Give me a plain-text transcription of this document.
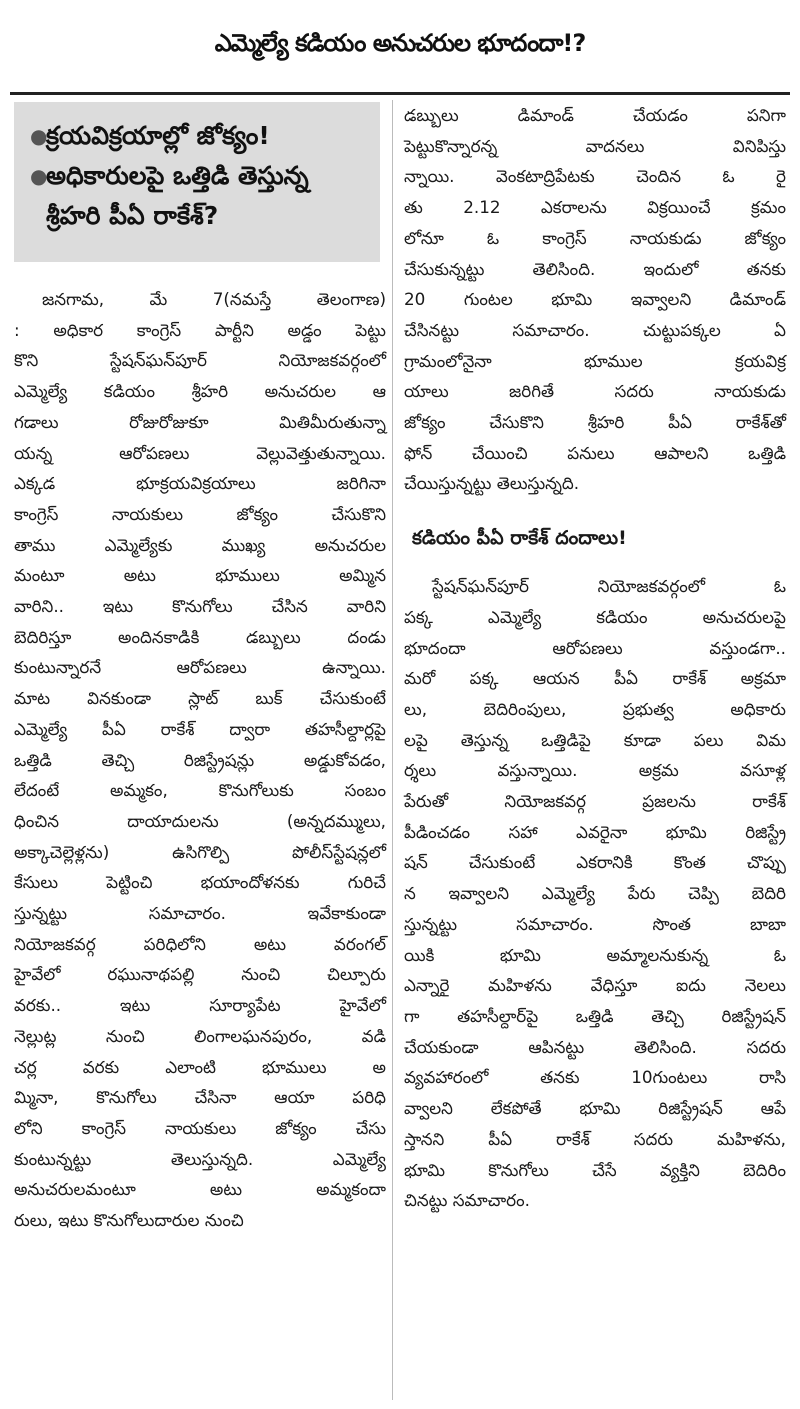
ఎమ్మెల్యే కడియం అనుచరుల భూదందా!?
●
క్రయవిక్రయాల్లో జోక్యం!
●
అధికారులపై ఒత్తిడి తెస్తున్న
శ్రీహరి పీఏ రాకేశ్?

జనగామ, మే 7(నమస్తే తెలంగాణ)

: అధికార కాంగ్రెస్ పార్టీని అడ్డం పెట్టు

కొని స్టేషన్‌ఘన్‌పూర్ నియోజకవర్గంలో

ఎమ్మెల్యే కడియం శ్రీహరి అనుచరుల ఆ

గడాలు రోజురోజుకూ మితిమీరుతున్నా

యన్న ఆరోపణలు వెల్లువెత్తుతున్నాయి.

ఎక్కడ భూక్రయవిక్రయాలు జరిగినా

కాంగ్రెస్ నాయకులు జోక్యం చేసుకొని

తాము ఎమ్మెల్యేకు ముఖ్య అనుచరుల

మంటూ అటు భూములు అమ్మిన

వారిని.. ఇటు కొనుగోలు చేసిన వారిని

బెదిరిస్తూ అందినకాడికి డబ్బులు దండు

కుంటున్నారనే ఆరోపణలు ఉన్నాయి.

మాట వినకుండా స్లాట్ బుక్ చేసుకుంటే

ఎమ్మెల్యే పీఏ రాకేశ్ ద్వారా తహసీల్దార్లపై

ఒత్తిడి తెచ్చి రిజిస్ట్రేషన్లు అడ్డుకోవడం,

లేదంటే అమ్మకం, కొనుగోలుకు సంబం

ధించిన దాయాదులను (అన్నదమ్ములు,

అక్కాచెల్లెళ్లను) ఉసిగొల్పి పోలీస్‌స్టేషన్లలో

కేసులు పెట్టించి భయాందోళనకు గురిచే

స్తున్నట్టు సమాచారం. ఇవేకాకుండా

నియోజకవర్గ పరిధిలోని అటు వరంగల్

హైవేలో రఘునాథపల్లి నుంచి చిల్పూరు

వరకు.. ఇటు సూర్యాపేట హైవేలో

నెల్లుట్ల నుంచి లింగాలఘనపురం, వడి

చర్ల వరకు ఎలాంటి భూములు అ

మ్మినా, కొనుగోలు చేసినా ఆయా పరిధి

లోని కాంగ్రెస్ నాయకులు జోక్యం చేసు

కుంటున్నట్టు తెలుస్తున్నది. ఎమ్మెల్యే

అనుచరులమంటూ అటు అమ్మకందా

రులు, ఇటు కొనుగోలుదారుల నుంచి

డబ్బులు డిమాండ్ చేయడం పనిగా

పెట్టుకొన్నారన్న వాదనలు వినిపిస్తు

న్నాయి. వెంకటాద్రిపేటకు చెందిన ఓ రై

తు 2.12 ఎకరాలను విక్రయించే క్రమం

లోనూ ఓ కాంగ్రెస్ నాయకుడు జోక్యం

చేసుకున్నట్టు తెలిసింది. ఇందులో తనకు

20 గుంటల భూమి ఇవ్వాలని డిమాండ్

చేసినట్టు సమాచారం. చుట్టుపక్కల ఏ

గ్రామంలోనైనా భూముల క్రయవిక్ర

యాలు జరిగితే సదరు నాయకుడు

జోక్యం చేసుకొని శ్రీహరి పీఏ రాకేశ్‌తో

ఫోన్ చేయించి పనులు ఆపాలని ఒత్తిడి

చేయిస్తున్నట్టు తెలుస్తున్నది.

కడియం పీఏ రాకేశ్ దందాలు!

స్టేషన్‌ఘన్‌పూర్ నియోజకవర్గంలో ఓ

పక్క ఎమ్మెల్యే కడియం అనుచరులపై

భూదందా ఆరోపణలు వస్తుండగా..

మరో పక్క ఆయన పీఏ రాకేశ్ అక్రమా

లు, బెదిరింపులు, ప్రభుత్వ అధికారు

లపై తెస్తున్న ఒత్తిడిపై కూడా పలు విమ

ర్శలు వస్తున్నాయి. అక్రమ వసూళ్ల

పేరుతో నియోజకవర్గ ప్రజలను రాకేశ్

పీడించడం సహా ఎవరైనా భూమి రిజిస్ట్రే

షన్ చేసుకుంటే ఎకరానికి కొంత చొప్పు

న ఇవ్వాలని ఎమ్మెల్యే పేరు చెప్పి బెదిరి

స్తున్నట్టు సమాచారం. సొంత బాబా

యికి భూమి అమ్మాలనుకున్న ఓ

ఎన్నారై మహిళను వేధిస్తూ ఐదు నెలలు

గా తహసీల్దార్‌పై ఒత్తిడి తెచ్చి రిజిస్ట్రేషన్

చేయకుండా ఆపినట్టు తెలిసింది. సదరు

వ్యవహారంలో తనకు 10గుంటలు రాసి

వ్వాలని లేకపోతే భూమి రిజిస్ట్రేషన్ ఆపే

స్తానని పీఏ రాకేశ్ సదరు మహిళను,

భూమి కొనుగోలు చేసే వ్యక్తిని బెదిరిం

చినట్టు సమాచారం.
